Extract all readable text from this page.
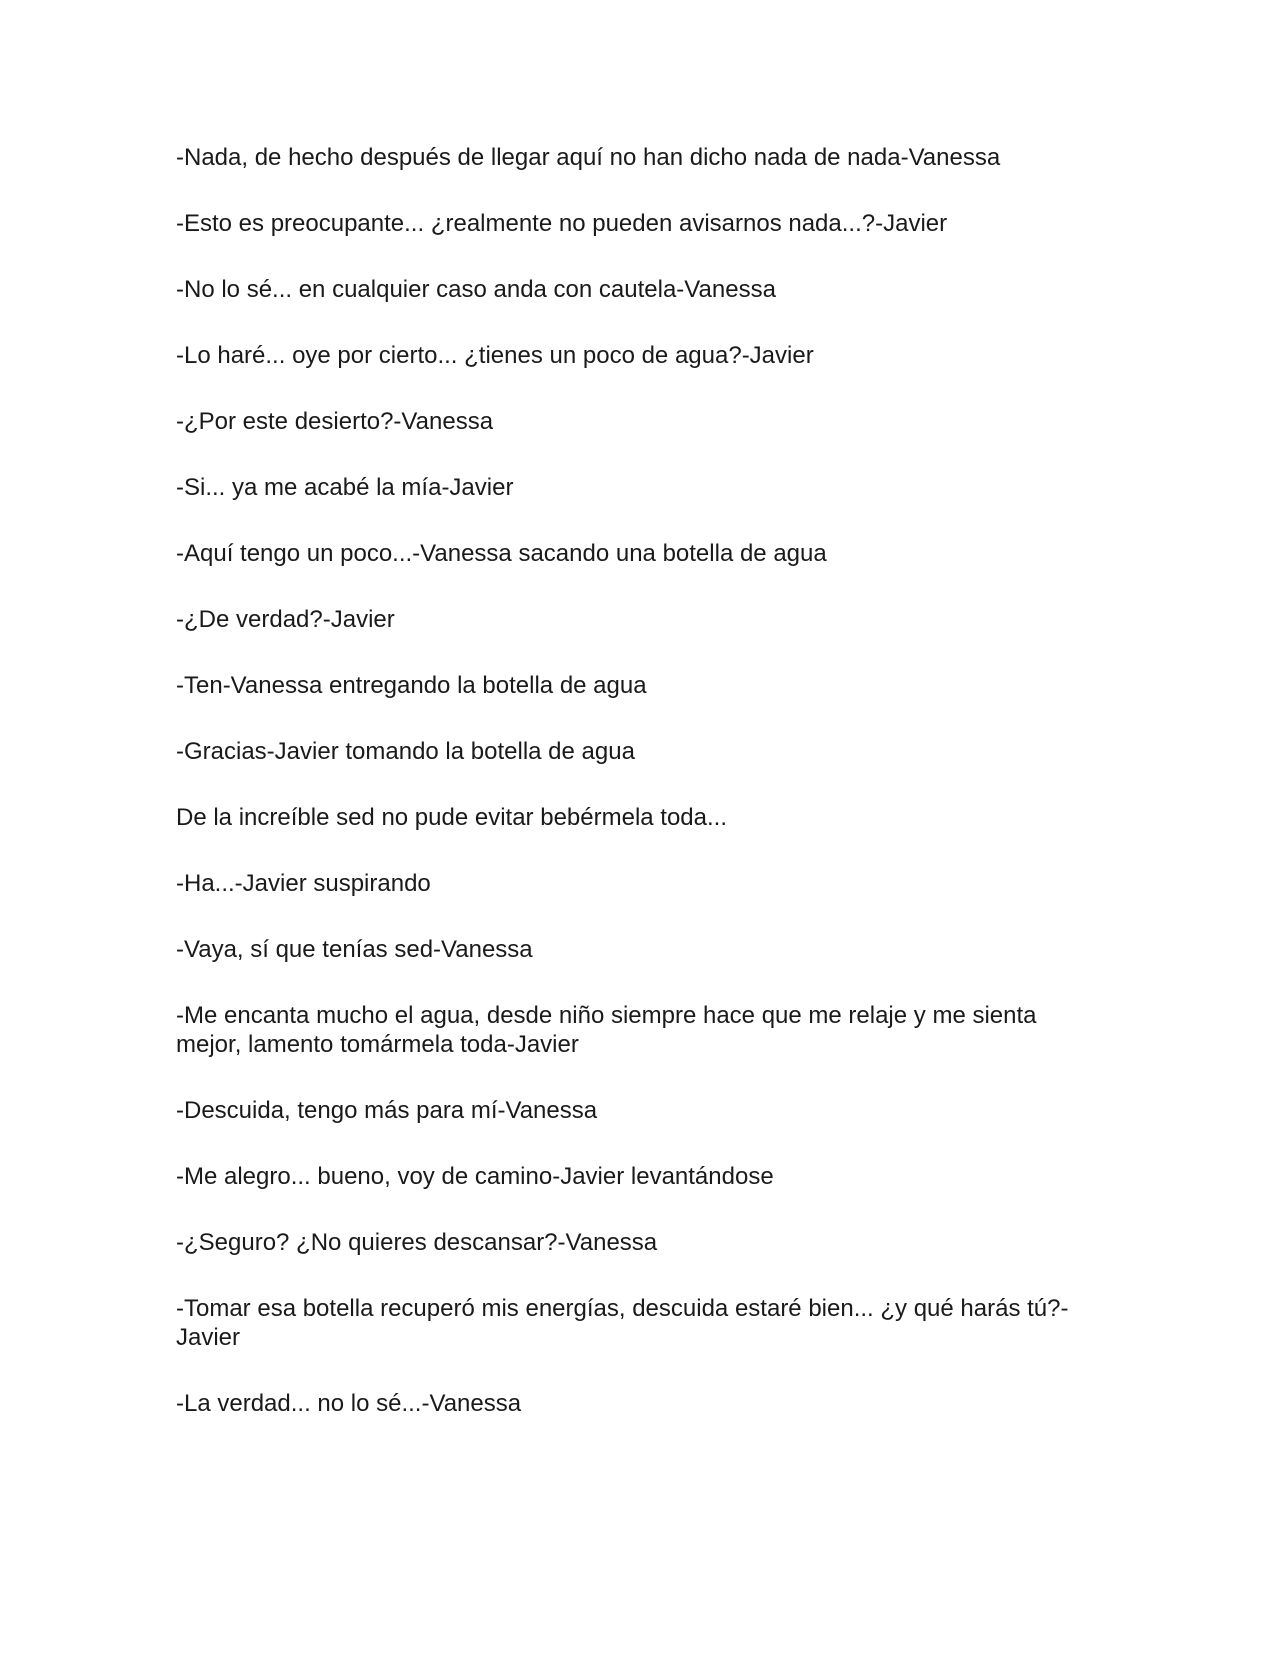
-Nada, de hecho después de llegar aquí no han dicho nada de nada-Vanessa

-Esto es preocupante... ¿realmente no pueden avisarnos nada...?-Javier

-No lo sé... en cualquier caso anda con cautela-Vanessa

-Lo haré... oye por cierto... ¿tienes un poco de agua?-Javier

-¿Por este desierto?-Vanessa

-Si... ya me acabé la mía-Javier

-Aquí tengo un poco...-Vanessa sacando una botella de agua

-¿De verdad?-Javier

-Ten-Vanessa entregando la botella de agua

-Gracias-Javier tomando la botella de agua

De la increíble sed no pude evitar bebérmela toda...

-Ha...-Javier suspirando

-Vaya, sí que tenías sed-Vanessa

-Me encanta mucho el agua, desde niño siempre hace que me relaje y me sienta mejor, lamento tomármela toda-Javier

-Descuida, tengo más para mí-Vanessa

-Me alegro... bueno, voy de camino-Javier levantándose

-¿Seguro? ¿No quieres descansar?-Vanessa

-Tomar esa botella recuperó mis energías, descuida estaré bien... ¿y qué harás tú?-Javier

-La verdad... no lo sé...-Vanessa
